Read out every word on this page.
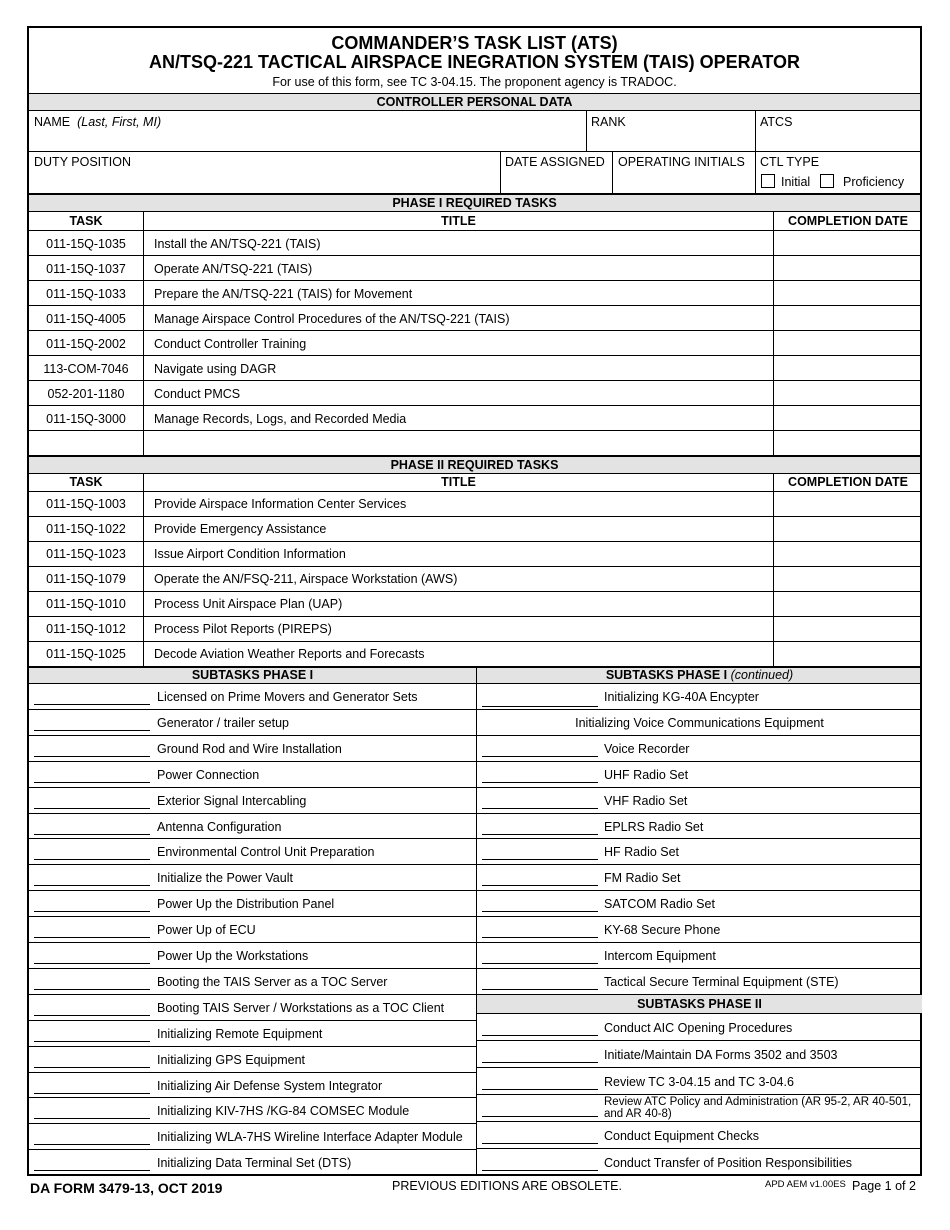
COMMANDER’S TASK LIST (ATS)
AN/TSQ-221 TACTICAL AIRSPACE INEGRATION SYSTEM (TAIS) OPERATOR
For use of this form, see TC 3-04.15. The proponent agency is TRADOC.
CONTROLLER PERSONAL DATA
NAME (Last, First, MI)	RANK	ATCS
DUTY POSITION	DATE ASSIGNED OPERATING INITIALS CTL TYPE
Initial	Proficiency
PHASE I REQUIRED TASKS
TASK	TITLE	COMPLETION DATE
011-15Q-1035	Install the AN/TSQ-221 (TAIS)
011-15Q-1037	Operate AN/TSQ-221 (TAIS)
011-15Q-1033	Prepare the AN/TSQ-221 (TAIS) for Movement
011-15Q-4005	Manage Airspace Control Procedures of the AN/TSQ-221 (TAIS)
011-15Q-2002	Conduct Controller Training
113-COM-7046	Navigate using DAGR
052-201-1180	Conduct PMCS
011-15Q-3000	Manage Records, Logs, and Recorded Media
PHASE II REQUIRED TASKS
TASK	TITLE	COMPLETION DATE
011-15Q-1003	Provide Airspace Information Center Services
011-15Q-1022	Provide Emergency Assistance
011-15Q-1023	Issue Airport Condition Information
011-15Q-1079	Operate the AN/FSQ-211, Airspace Workstation (AWS)
011-15Q-1010	Process Unit Airspace Plan (UAP)
011-15Q-1012	Process Pilot Reports (PIREPS)
011-15Q-1025	Decode Aviation Weather Reports and Forecasts
SUBTASKS PHASE I	SUBTASKS PHASE I (continued)
Licensed on Prime Movers and Generator Sets
Generator / trailer setup
Ground Rod and Wire Installation
Power Connection
Exterior Signal Intercabling
Antenna Configuration
Environmental Control Unit Preparation
Initialize the Power Vault
Power Up the Distribution Panel
Power Up of ECU
Power Up the Workstations
Booting the TAIS Server as a TOC Server
Booting TAIS Server / Workstations as a TOC Client
Initializing Remote Equipment
Initializing GPS Equipment
Initializing Air Defense System Integrator
Initializing KIV-7HS /KG-84 COMSEC Module
Initializing WLA-7HS Wireline Interface Adapter Module
Initializing Data Terminal Set (DTS)
Initializing KG-40A Encypter
Initializing Voice Communications Equipment
Voice Recorder
UHF Radio Set
VHF Radio Set
EPLRS Radio Set
HF Radio Set
FM Radio Set
SATCOM Radio Set
KY-68 Secure Phone
Intercom Equipment
Tactical Secure Terminal Equipment (STE)
SUBTASKS PHASE II
Conduct AIC Opening Procedures
Initiate/Maintain DA Forms 3502 and 3503
Review TC 3-04.15 and TC 3-04.6
Review ATC Policy and Administration (AR 95-2, AR 40-501, and AR 40-8)
Conduct Equipment Checks
Conduct Transfer of Position Responsibilities
DA FORM 3479-13, OCT 2019	PREVIOUS EDITIONS ARE OBSOLETE.	APD AEM v1.00ES Page 1 of 2
